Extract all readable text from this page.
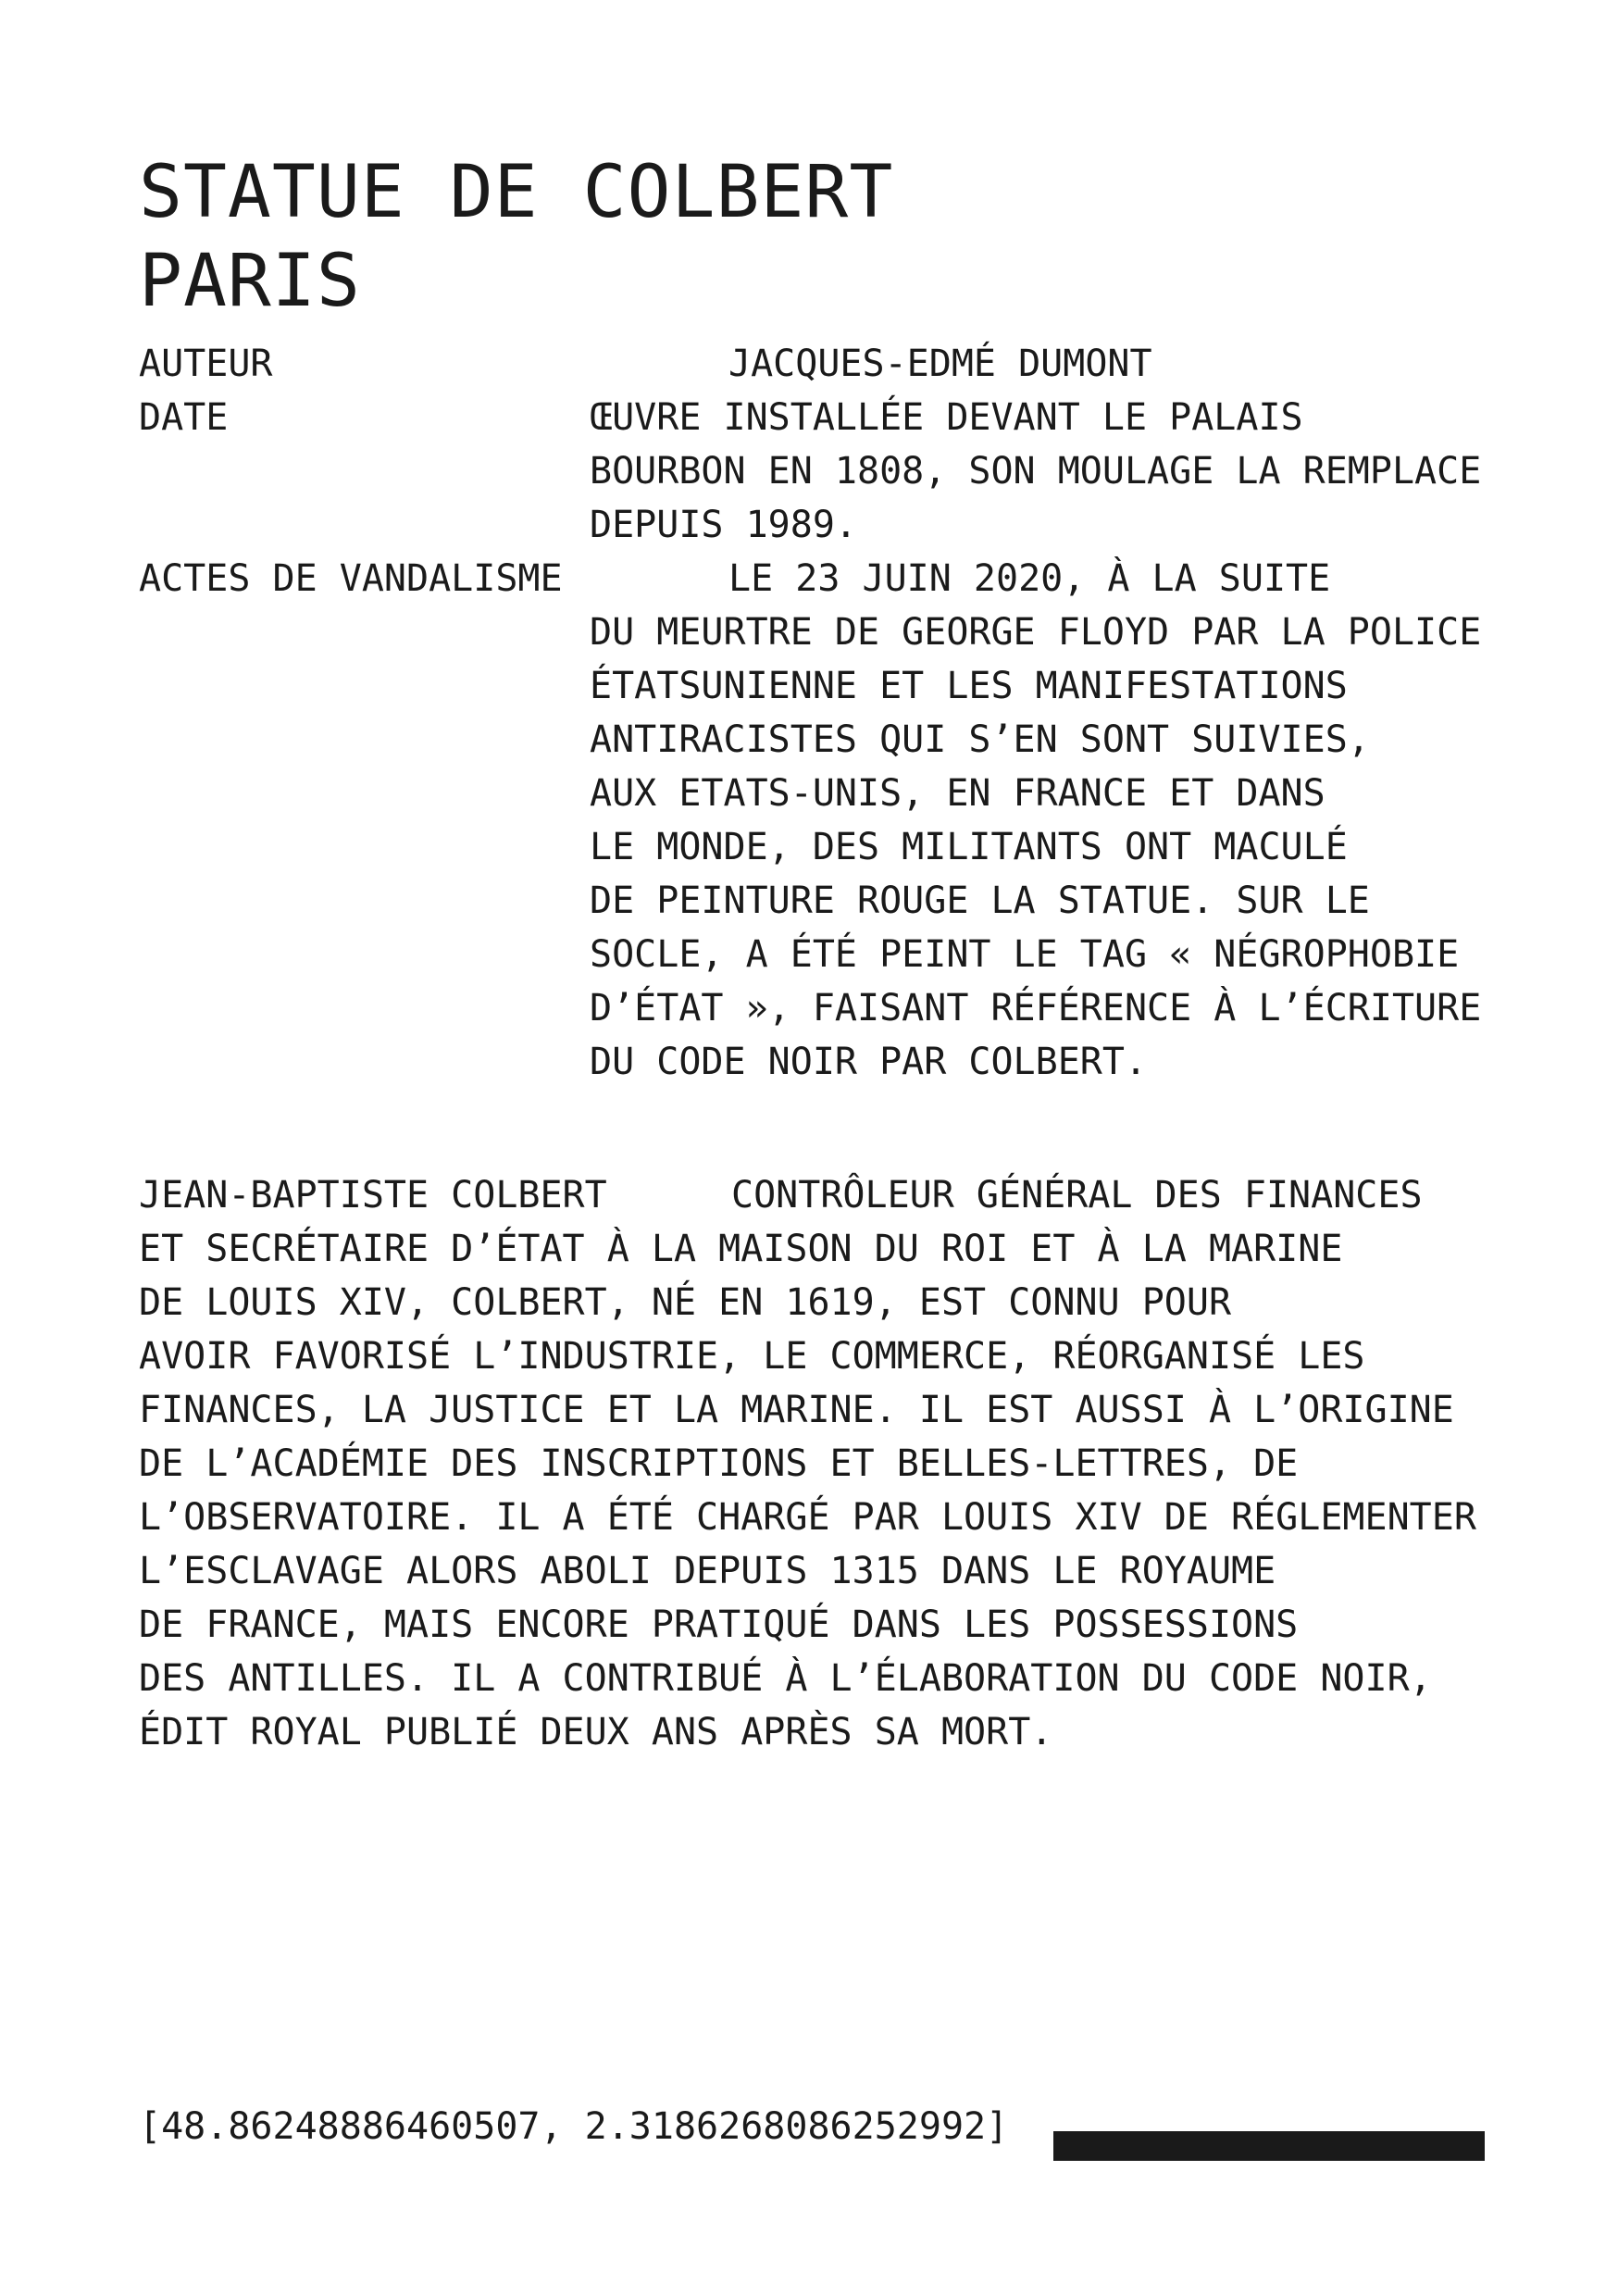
STATUE DE COLBERT
PARIS
AUTEUR	JACQUES-EDMÉ DUMONT
DATE	ŒUVRE INSTALLÉE DEVANT LE PALAIS
BOURBON EN 1808, SON MOULAGE LA REMPLACE
DEPUIS 1989.
ACTES DE VANDALISME	LE 23 JUIN 2020, À LA SUITE
DU MEURTRE DE GEORGE FLOYD PAR LA POLICE
ÉTATSUNIENNE ET LES MANIFESTATIONS
ANTIRACISTES QUI S’EN SONT SUIVIES,
AUX ETATS-UNIS, EN FRANCE ET DANS
LE MONDE, DES MILITANTS ONT MACULÉ
DE PEINTURE ROUGE LA STATUE. SUR LE
SOCLE, A ÉTÉ PEINT LE TAG « NÉGROPHOBIE
D’ÉTAT », FAISANT RÉFÉRENCE À L’ÉCRITURE
DU CODE NOIR PAR COLBERT.
JEAN-BAPTISTE COLBERT	CONTRÔLEUR GÉNÉRAL DES FINANCES
ET SECRÉTAIRE D’ÉTAT À LA MAISON DU ROI ET À LA MARINE
DE LOUIS XIV, COLBERT, NÉ EN 1619, EST CONNU POUR
AVOIR FAVORISÉ L’INDUSTRIE, LE COMMERCE, RÉORGANISÉ LES
FINANCES, LA JUSTICE ET LA MARINE. IL EST AUSSI À L’ORIGINE
DE L’ACADÉMIE DES INSCRIPTIONS ET BELLES-LETTRES, DE
L’OBSERVATOIRE. IL A ÉTÉ CHARGÉ PAR LOUIS XIV DE RÉGLEMENTER
L’ESCLAVAGE ALORS ABOLI DEPUIS 1315 DANS LE ROYAUME
DE FRANCE, MAIS ENCORE PRATIQUÉ DANS LES POSSESSIONS
DES ANTILLES. IL A CONTRIBUÉ À L’ÉLABORATION DU CODE NOIR,
ÉDIT ROYAL PUBLIÉ DEUX ANS APRÈS SA MORT.
[48.86248886460507, 2.3186268086252992]
